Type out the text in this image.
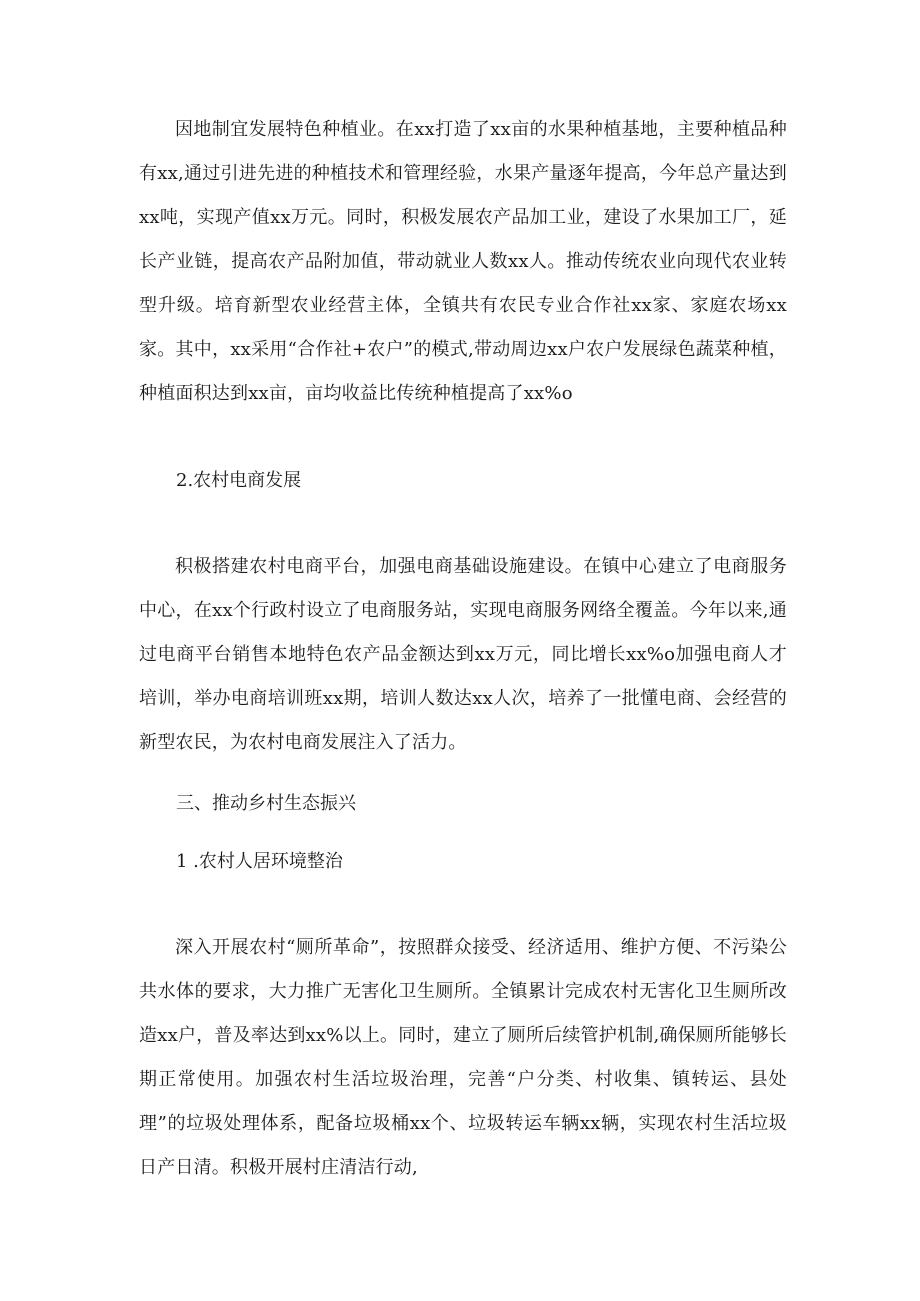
因地制宜发展特色种植业。在xx打造了xx亩的水果种植基地，主要种植品种有xx,通过引进先进的种植技术和管理经验，水果产量逐年提高，今年总产量达到xx吨，实现产值xx万元。同时，积极发展农产品加工业，建设了水果加工厂，延长产业链，提高农产品附加值，带动就业人数xx人。推动传统农业向现代农业转型升级。培育新型农业经营主体，全镇共有农民专业合作社xx家、家庭农场xx家。其中，xx采用“合作社+农户”的模式,带动周边xx户农户发展绿色蔬菜种植，种植面积达到xx亩，亩均收益比传统种植提高了xx%o

2.农村电商发展

积极搭建农村电商平台，加强电商基础设施建设。在镇中心建立了电商服务中心，在xx个行政村设立了电商服务站，实现电商服务网络全覆盖。今年以来,通过电商平台销售本地特色农产品金额达到xx万元，同比增长xx%o加强电商人才培训，举办电商培训班xx期，培训人数达xx人次，培养了一批懂电商、会经营的新型农民，为农村电商发展注入了活力。

三、推动乡村生态振兴

1 .农村人居环境整治

深入开展农村“厕所革命”，按照群众接受、经济适用、维护方便、不污染公共水体的要求，大力推广无害化卫生厕所。全镇累计完成农村无害化卫生厕所改造xx户，普及率达到xx%以上。同时，建立了厕所后续管护机制,确保厕所能够长期正常使用。加强农村生活垃圾治理，完善“户分类、村收集、镇转运、县处理”的垃圾处理体系，配备垃圾桶xx个、垃圾转运车辆xx辆，实现农村生活垃圾日产日清。积极开展村庄清洁行动,
